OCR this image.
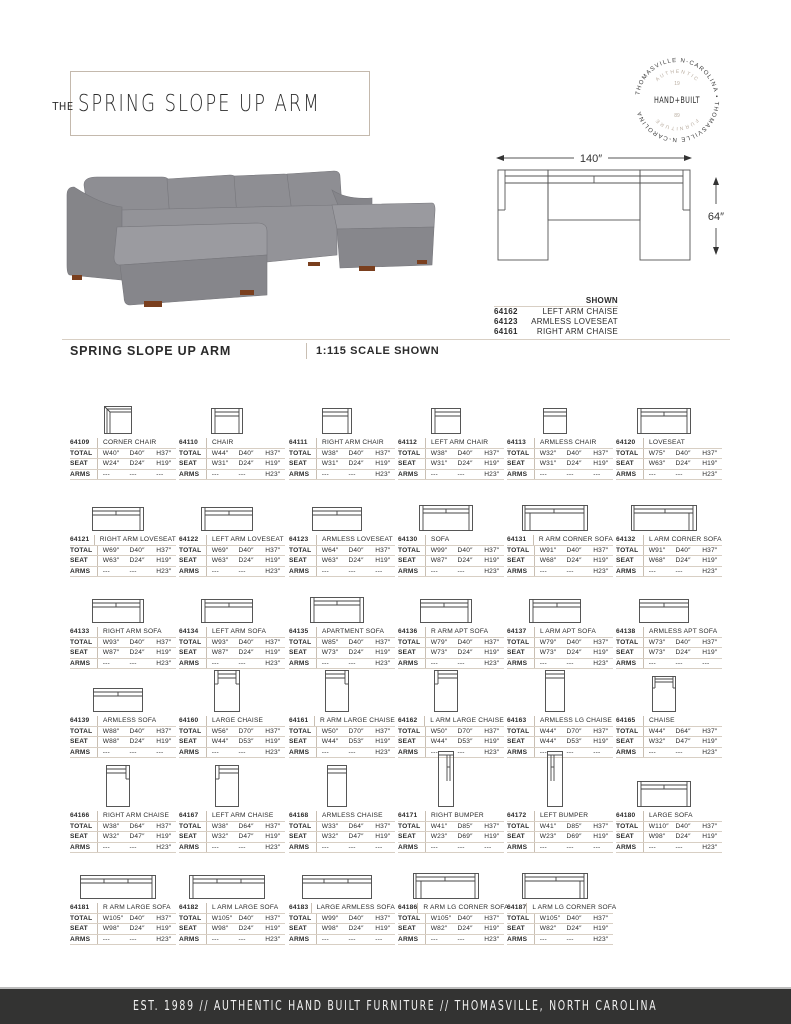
THE SPRING SLOPE UP ARM	THOMASVILLE N-CAROLINA • THOMASVILLE N-CAROLINA
AUTHENTIC
FURNITURE
19
HAND+BUILT
89
140″
64″
SHOWN
64162	LEFT ARM CHAISE
64123 ARMLESS LOVESEAT
64161 RIGHT ARM CHAISE
SPRING SLOPE UP ARM	1:115 SCALE SHOWN
64109	CORNER CHAIR
TOTAL	W40″	D40″	H37″
SEAT	W24″	D24″	H19″
ARMS	---	---	---
64110	CHAIR
TOTAL	W44″	D40″	H37″
SEAT	W31″	D24″	H19″
ARMS	---	---	H23″
64111	RIGHT ARM CHAIR
TOTAL	W38″	D40″	H37″
SEAT	W31″	D24″	H19″
ARMS	---	---	H23″
64112	LEFT ARM CHAIR
TOTAL	W38″	D40″	H37″
SEAT	W31″	D24″	H19″
ARMS	---	---	H23″
64113	ARMLESS CHAIR
TOTAL	W32″	D40″	H37″
SEAT	W31″	D24″	H19″
ARMS	---	---	---
64120	LOVESEAT
TOTAL	W75″	D40″	H37″
SEAT	W63″	D24″	H19″
ARMS	---	---	H23″
64121	RIGHT ARM LOVESEAT
TOTAL	W69″	D40″	H37″
SEAT	W63″	D24″	H19″
ARMS	---	---	H23″
64122	LEFT ARM LOVESEAT
TOTAL	W69″	D40″	H37″
SEAT	W63″	D24″	H19″
ARMS	---	---	H23″
64123	ARMLESS LOVESEAT
TOTAL	W64″	D40″	H37″
SEAT	W63″	D24″	H19″
ARMS	---	---	---
64130	SOFA
TOTAL	W99″	D40″	H37″
SEAT	W87″	D24″	H19″
ARMS	---	---	H23″
64131	R ARM CORNER SOFA
TOTAL	W91″	D40″	H37″
SEAT	W68″	D24″	H19″
ARMS	---	---	H23″
64132	L ARM CORNER SOFA
TOTAL	W91″	D40″	H37″
SEAT	W68″	D24″	H19″
ARMS	---	---	H23″
64133	RIGHT ARM SOFA
TOTAL	W93″	D40″	H37″
SEAT	W87″	D24″	H19″
ARMS	---	---	H23″
64134	LEFT ARM SOFA
TOTAL	W93″	D40″	H37″
SEAT	W87″	D24″	H19″
ARMS	---	---	H23″
64135	APARTMENT SOFA
TOTAL	W85″	D40″	H37″
SEAT	W73″	D24″	H19″
ARMS	---	---	H23″
64136	R ARM APT SOFA
TOTAL	W79″	D40″	H37″
SEAT	W73″	D24″	H19″
ARMS	---	---	H23″
64137	L ARM APT SOFA
TOTAL	W79″	D40″	H37″
SEAT	W73″	D24″	H19″
ARMS	---	---	H23″
64138	ARMLESS APT SOFA
TOTAL	W73″	D40″	H37″
SEAT	W73″	D24″	H19″
ARMS	---	---	---
64139	ARMLESS SOFA
TOTAL	W88″	D40″	H37″
SEAT	W88″	D24″	H19″
ARMS	---	---	---
64160	LARGE CHAISE
TOTAL	W56″	D70″	H37″
SEAT	W44″	D53″	H19″
ARMS	---	---	H23″
64161	R ARM LARGE CHAISE
TOTAL	W50″	D70″	H37″
SEAT	W44″	D53″	H19″
ARMS	---	---	H23″
64162	L ARM LARGE CHAISE
TOTAL	W50″	D70″	H37″
SEAT	W44″	D53″	H19″
ARMS	---	---	H23″
64163	ARMLESS LG CHAISE
TOTAL	W44″	D70″	H37″
SEAT	W44″	D53″	H19″
ARMS	---	---	---
64165	CHAISE
TOTAL	W44″	D64″	H37″
SEAT	W32″	D47″	H19″
ARMS	---	---	H23″
64166	RIGHT ARM CHAISE
TOTAL	W38″	D64″	H37″
SEAT	W32″	D47″	H19″
ARMS	---	---	H23″
64167	LEFT ARM CHAISE
TOTAL	W38″	D64″	H37″
SEAT	W32″	D47″	H19″
ARMS	---	---	H23″
64168	ARMLESS CHAISE
TOTAL	W33″	D64″	H37″
SEAT	W32″	D47″	H19″
ARMS	---	---	---
64171	RIGHT BUMPER
TOTAL	W41″	D85″	H37″
SEAT	W23″	D69″	H19″
ARMS	---	---	---
64172	LEFT BUMPER
TOTAL	W41″	D85″	H37″
SEAT	W23″	D69″	H19″
ARMS	---	---	---
64180	LARGE SOFA
TOTAL	W110″	D40″	H37″
SEAT	W98″	D24″	H19″
ARMS	---	---	H23″
64181	R ARM LARGE SOFA
TOTAL	W105″ D40″	H37″
SEAT	W98″	D24″	H19″
ARMS	---	---	H23″
64182	L ARM LARGE SOFA
TOTAL	W105″ D40″	H37″
SEAT	W98″	D24″	H19″
ARMS	---	---	H23″
64183	LARGE ARMLESS SOFA
TOTAL	W99″	D40″	H37″
SEAT	W98″	D24″	H19″
ARMS	---	---	---
64186 R ARM LG CORNER SOFA
TOTAL	W105″ D40″	H37″
SEAT	W82″	D24″	H19″
ARMS	---	---	H23″
64187 L ARM LG CORNER SOFA
TOTAL	W105″ D40″	H37″
SEAT	W82″	D24″	H19″
ARMS	---	---	H23″
EST. 1989 // AUTHENTIC HAND BUILT FURNITURE // THOMASVILLE, NORTH CAROLINA
